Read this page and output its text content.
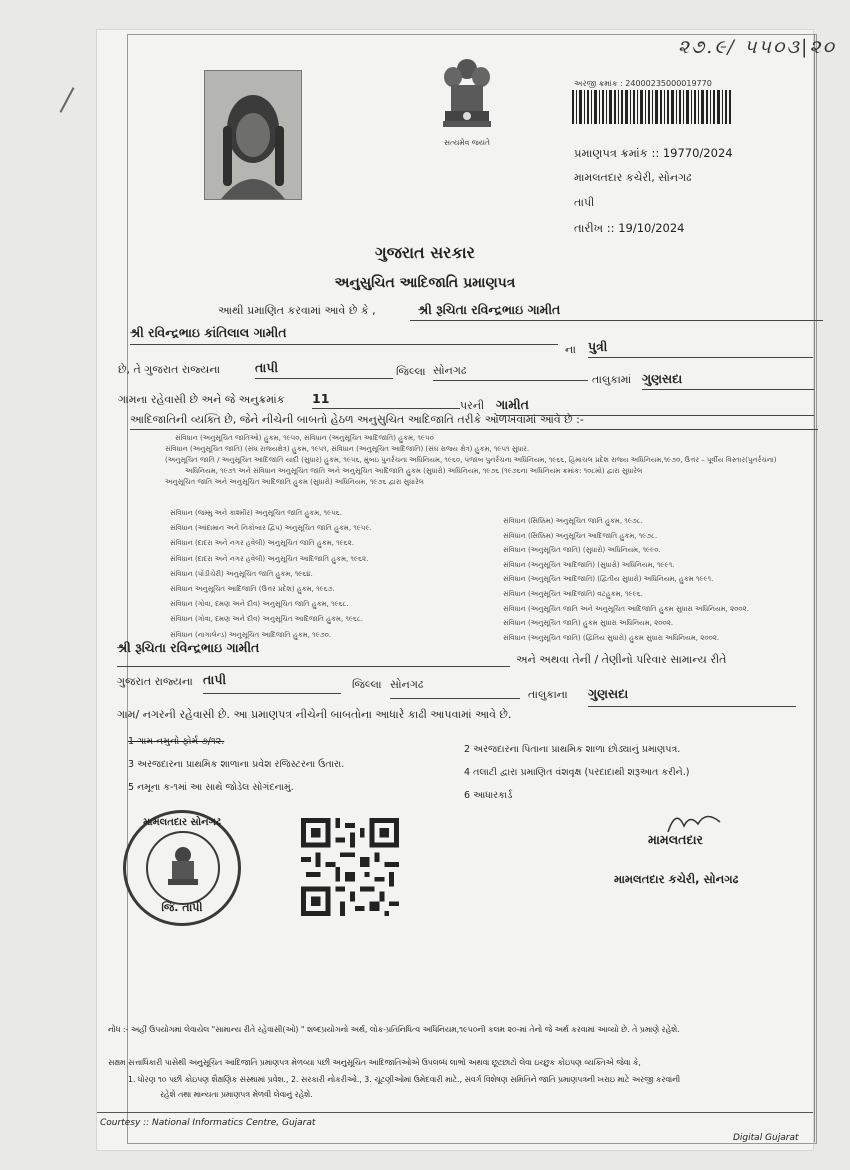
૨૭.૯/ ૫૫૦૩|૨૦
સત્યમેવ જયતે
અરજી ક્રમાંક : 24000235000019770
પ્રમાણપત્ર ક્રમાંક :: 19770/2024
મામલતદાર કચેરી, સોનગઢ
તાપી
તારીખ :: 19/10/2024
ગુજરાત સરકાર
અનુસુચિત આદિજાતિ પ્રમાણપત્ર
આથી પ્રમાણિત કરવામાં આવે છે કે ,	શ્રી રૂચિતા રવિન્દ્રભાઇ ગામીત
શ્રી રવિન્દ્રભાઇ કાંતિલાલ ગામીત
ના પુત્રી
છે, તે ગુજરાત રાજ્યના	તાપી	જિલ્લા સોનગઢ
તાલુકામાં ગુણસદા
ગામના રહેવાસી છે અને જે અનુક્રમાંક 11	પરની ગામીત
આદિજાતિની વ્યક્તિ છે, જેને નીચેની બાબતો હેઠળ અનુસુચિત આદિજાતિ તરીકે ઓળખવામાં આવે છે :-
સંવિધાન (અનુસૂચિત જાતિઓ) હુકમ, ૧૯૫૦, સંવિધાન (અનુસૂચિત આદિજાતિ) હુકમ, ૧૯૫૦
સંવિધાન (અનુસૂચિત જાતિ) (સંઘ રાજ્યક્ષેત્ર) હુકમ, ૧૯૫૧, સંવિધાન (અનુસૂચિત આદિજાતિ) (સંઘ રાજ્ય ક્ષેત્ર) હુકમ, ૧૯૫૧ સુધાર.
(અનુસૂચિત જાતિ / અનુસૂચિત આદિજાતિ યાદી (સુધાર) હુકમ, ૧૯૫૬, મુંબઇ પુનર્રચના અધિનિયમ, ૧૯૬૦, પંજાબ પુનર્રચના અધિનિયમ, ૧૯૬૬, હિમાચલ પ્રદેશ રાજ્ય અધિનિયમ,૧૯૭૦, ઉત્તર – પૂર્વીય વિસ્તાર(પુનર્રચના)
અધિનિયમ, ૧૯૭૧ અને સંવિધાન અનુસૂચિત જાતિ અને અનુસૂચિત આદિજાતિ હુકમ (સુધારો) અધિનિયમ, ૧૯૭૬ (૧૯૭૬ના અધિનિયમ ક્રમાંક: ૧૦૮મો) દ્વારા સુધારેલ
અનુસૂચિત જાતિ અને અનુસૂચિત આદિજાતિ હુકમ (સુધારો) અધિનિયમ, ૧૯૭૬ દ્વારા સુધારેલ
સંવિધાન (જમ્મુ અને કાશ્મીર) અનુસૂચિત જાતિ હુકમ, ૧૯૫૬.
સંવિધાન (આંદામાન અને નિકોબાર દ્વિપ) અનુસૂચિત જાતિ હુકમ, ૧૯૫૯.
સંવિધાન (દાદરા અને નગર હવેલી) અનુસૂચિત જાતિ હુકમ, ૧૯૬૨.
સંવિધાન (દાદરા અને નગર હવેલી) અનુસૂચિત આદિજાતિ હુકમ, ૧૯૬૨.
સંવિધાન (પોંડીચેરી) અનુસૂચિત જાતિ હુકમ, ૧૯૬૪.
સંવિધાન અનુસૂચિત આદિજાતિ (ઉત્તર પ્રદેશ) હુકમ, ૧૯૬૭.
સંવિધાન (ગોવા, દમણ અને દીવ) અનુસૂચિત જાતિ હુકમ, ૧૯૬૮.
સંવિધાન (ગોવા, દમણ અને દીવ) અનુસૂચિત આદિજાતિ હુકમ, ૧૯૬૮.
સંવિધાન (નાગાલેન્ડ) અનુસૂચિત આદિજાતિ હુકમ, ૧૯૭૦.
સંવિધાન (સિક્કિમ) અનુસૂચિત જાતિ હુકમ, ૧૯૭૮.
સંવિધાન (સિક્કિમ) અનુસૂચિત આદિજાતિ હુકમ, ૧૯૭૮.
સંવિધાન (અનુસૂચિત જાતિ) (સુધારો) અધિનિયમ, ૧૯૯૦.
સંવિધાન (અનુસૂચિત આદિજાતિ) (સુધારો) અધિનિયમ, ૧૯૯૧.
સંવિધાન (અનુસૂચિત આદિજાતિ) (દ્વિતીય સુધારો) અધિનિયમ, હુકમ ૧૯૯૧.
સંવિધાન (અનુસૂચિત આદિજાતિ) વટહુકમ, ૧૯૯૬.
સંવિધાન (અનુસૂચિત જાતિ અને અનુસૂચિત આદિજાતિ હુકમ સુધારા અધિનિયમ, ૨૦૦૨.
સંવિધાન (અનુસૂચિત જાતિ) હુકમ સુધારા અધિનિયમ, ૨૦૦૨.
સંવિધાન (અનુસૂચિત જાતિ) (દ્વિતિય સુધારો) હુકમ સુધારા અધિનિયમ, ૨૦૦૨.
શ્રી રૂચિતા રવિન્દ્રભાઇ ગામીત
અને અથવા તેની / તેણીનો પરિવાર સામાન્ય રીતે
ગુજરાત રાજ્યના તાપી	જિલ્લા સોનગઢ
તાલુકાના ગુણસદા
ગામ/ નગરની રહેવાસી છે. આ પ્રમાણપત્ર નીચેની બાબતોના આધારે કાઢી આપવામાં આવે છે.
1 ગામ નમુનો ફોર્મ ૭/૧૨.
3 અરજદારના પ્રાથમિક શાળાના પ્રવેશ રજિસ્ટરના ઉતારા.
5 નમૂના ક-૧માં આ સાથે જોડેલ સોગંદનામું.
2 અરજદારના પિતાના પ્રાથમિક શાળા છોડ્યાનું પ્રમાણપત્ર.
4 તલાટી દ્વારા પ્રમાણિત વંશવૃક્ષ (પરદાદાથી શરૂઆત કરીને.)
6 આધારકાર્ડ
મામલતદાર સોનગઢ
જિ. તાપી
મામલતદાર
મામલતદાર કચેરી, સોનગઢ
નોંધ :- અહીં ઉપયોગમાં લેવાયેલ "સામાન્ય રીતે રહેવાસી(ઓ) " શબ્દપ્રયોગનો અર્થ, લોક-પ્રતિનિધિત્વ અધિનિયમ,૧૯૫૦ની કલમ ૨૦-માં તેનો જે અર્થ કરવામાં આવ્યો છે. તે પ્રમાણે રહેશે.
સક્ષમ સત્તાધિકારી પાસેથી અનુસૂચિત આદિજાતિ પ્રમાણપત્ર મેળવ્યા પછી અનુસૂચિત આદિજાતિઓએ ઉપલબ્ધ લાભો અથવા છૂટછાટો લેવા ઇચ્છુક કોઇપણ વ્યક્તિએ જેવા કે,
1. ધોરણ ૧૦ પછી કોઇપણ શૈક્ષણિક સંસ્થામાં પ્રવેશ., 2. સરકારી નોકરીઓ., 3. ચૂંટણીઓમાં ઉમેદવારી માટે., સંવર્ગ વિશેષણ સમિતિને જાતિ પ્રમાણપત્રની ખરાઇ માટે અરજી કરવાની
રહેશે તથા માન્યતા પ્રમાણપત્ર મેળવી લેવાનું રહેશે.
Courtesy :: National Informatics Centre, Gujarat
Digital Gujarat
